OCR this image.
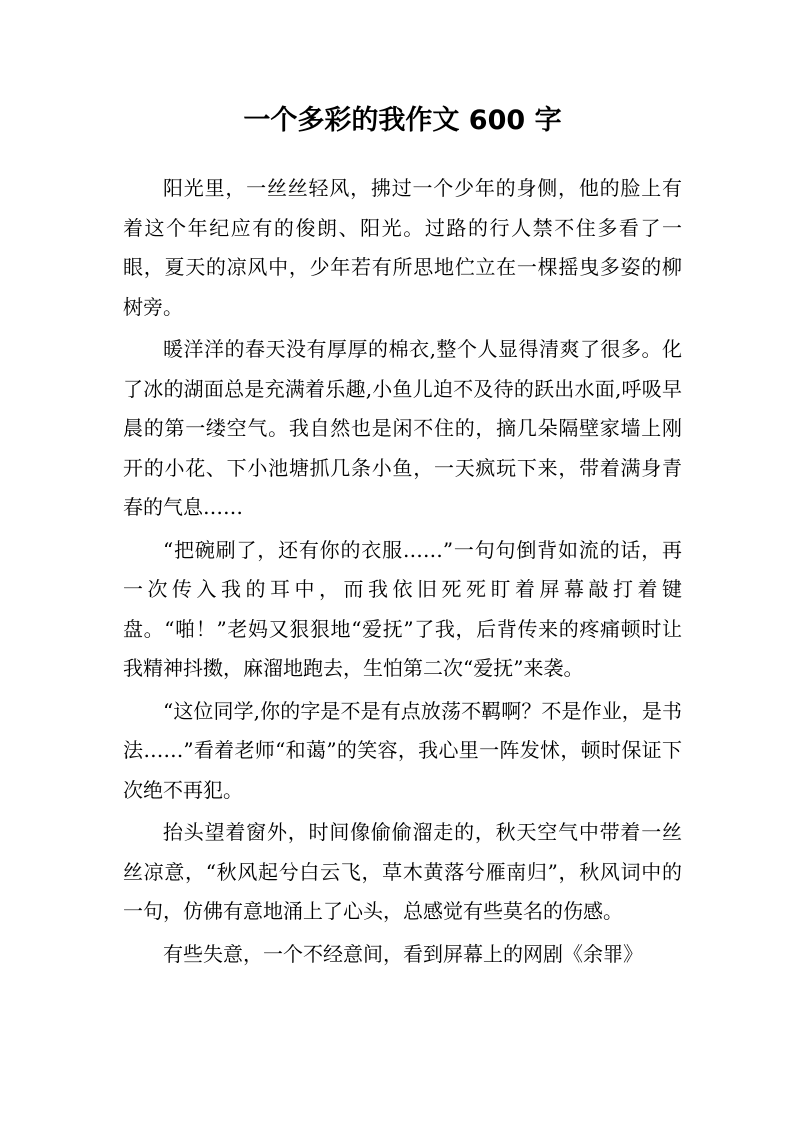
一个多彩的我作文 600 字

阳光里，一丝丝轻风，拂过一个少年的身侧，他的脸上有着这个年纪应有的俊朗、阳光。过路的行人禁不住多看了一眼，夏天的凉风中，少年若有所思地伫立在一棵摇曳多姿的柳树旁。

暖洋洋的春天没有厚厚的棉衣,整个人显得清爽了很多。化了冰的湖面总是充满着乐趣,小鱼儿迫不及待的跃出水面,呼吸早晨的第一缕空气。我自然也是闲不住的，摘几朵隔壁家墙上刚开的小花、下小池塘抓几条小鱼，一天疯玩下来，带着满身青春的气息……

“把碗刷了，还有你的衣服……”一句句倒背如流的话，再一次传入我的耳中，而我依旧死死盯着屏幕敲打着键盘。“啪！”老妈又狠狠地“爱抚”了我，后背传来的疼痛顿时让我精神抖擞，麻溜地跑去，生怕第二次“爱抚”来袭。

“这位同学,你的字是不是有点放荡不羁啊？不是作业，是书法……”看着老师“和蔼”的笑容，我心里一阵发怵，顿时保证下次绝不再犯。

抬头望着窗外，时间像偷偷溜走的，秋天空气中带着一丝丝凉意，“秋风起兮白云飞，草木黄落兮雁南归”，秋风词中的一句，仿佛有意地涌上了心头，总感觉有些莫名的伤感。

有些失意，一个不经意间，看到屏幕上的网剧《余罪》
